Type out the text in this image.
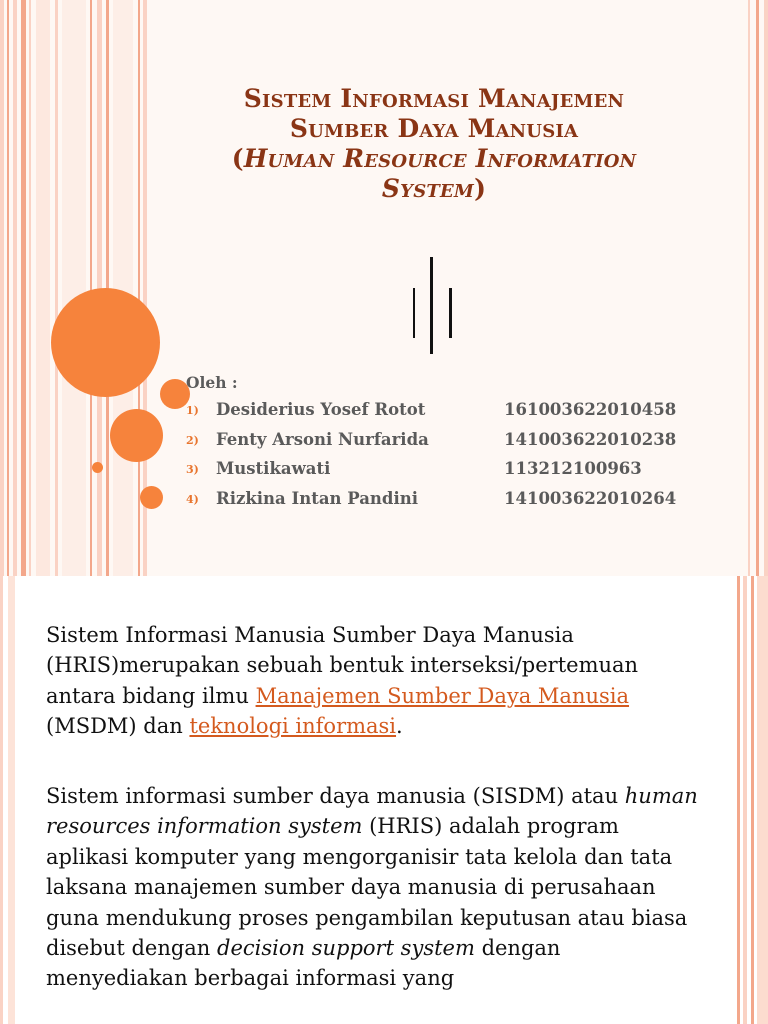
Sistem Informasi Manajemen
Sumber Daya Manusia
(Human Resource Information
System)

Oleh :

1) Desiderius Yosef Rotot	161003622010458
2) Fenty Arsoni Nurfarida	141003622010238
3) Mustikawati	113212100963
4) Rizkina Intan Pandini	141003622010264

Sistem Informasi Manusia Sumber Daya Manusia (HRIS)merupakan sebuah bentuk interseksi/pertemuan antara bidang ilmu Manajemen Sumber Daya Manusia (MSDM) dan teknologi informasi.

Sistem informasi sumber daya manusia (SISDM) atau human resources information system (HRIS) adalah program aplikasi komputer yang mengorganisir tata kelola dan tata laksana manajemen sumber daya manusia di perusahaan guna mendukung proses pengambilan keputusan atau biasa disebut dengan decision support system dengan menyediakan berbagai informasi yang
